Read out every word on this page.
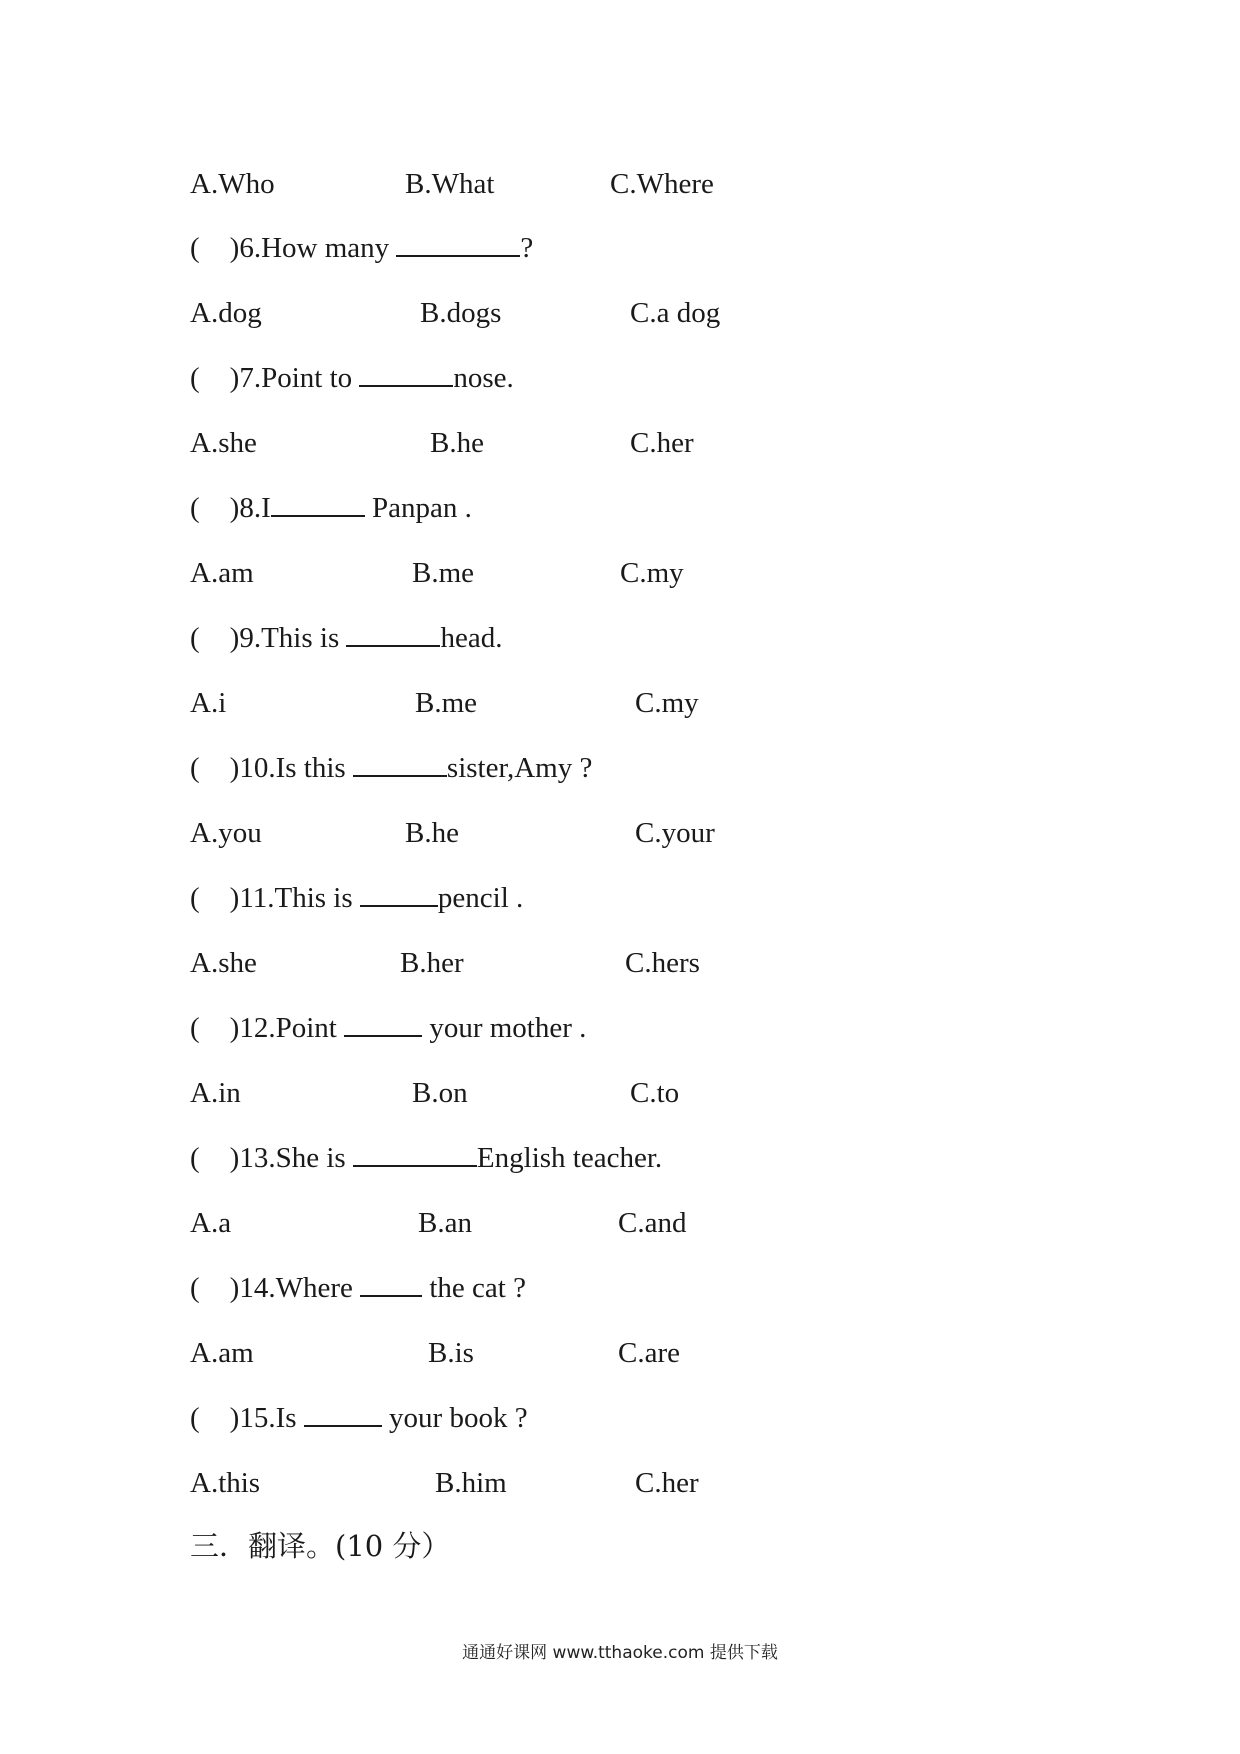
A.Who	B.What	C.Where
( )6.How many	?
A.dog	B.dogs	C.a dog
( )7.Point to	nose.
A.she	B.he	C.her
( )8.I	Panpan .
A.am	B.me	C.my
( )9.This is	head.
A.i	B.me	C.my
( )10.Is this	sister,Amy ?
A.you	B.he	C.your
( )11.This is	pencil .
A.she	B.her	C.hers
( )12.Point	your mother .
A.in	B.on	C.to
( )13.She is	English teacher.
A.a	B.an	C.and
( )14.Where  the cat ?
A.am	B.is	C.are
( )15.Is	your book ?
A.this	B.him	C.her
三．翻译。(10 分）
通通好课网 www.tthaoke.com 提供下载
